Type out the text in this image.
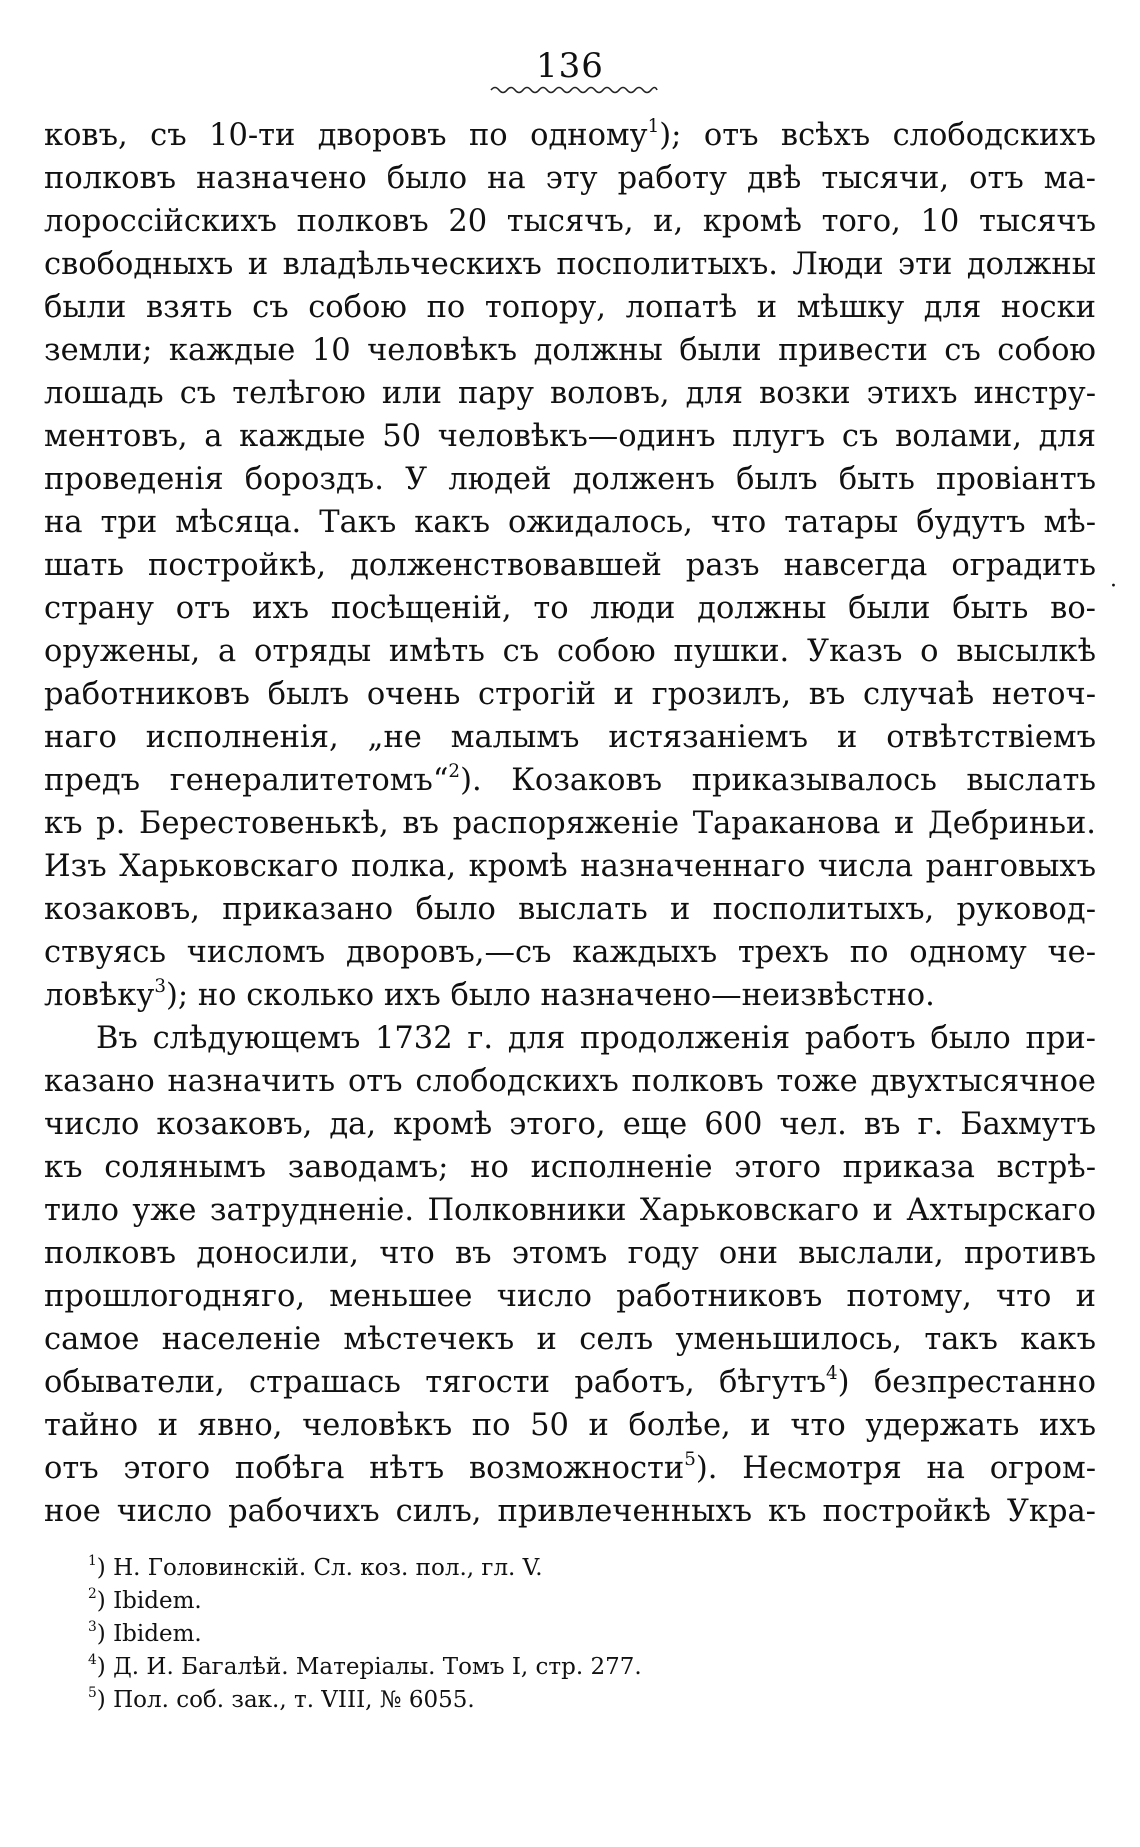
136
ковъ, съ 10-ти дворовъ по одному$^1$); отъ всѣхъ слободскихъ
полковъ назначено было на эту работу двѣ тысячи, отъ ма-
лороссійскихъ полковъ 20 тысячъ, и, кромѣ того, 10 тысячъ
свободныхъ и владѣльческихъ посполитыхъ. Люди эти должны
были взять съ собою по топору, лопатѣ и мѣшку для носки
земли; каждые 10 человѣкъ должны были привести съ собою
лошадь съ телѣгою или пару воловъ, для возки этихъ инстру-
ментовъ, а каждые 50 человѣкъ—одинъ плугъ съ волами, для
проведенія бороздъ. У людей долженъ былъ быть провіантъ
на три мѣсяца. Такъ какъ ожидалось, что татары будутъ мѣ-
шать постройкѣ, долженствовавшей разъ навсегда оградить
страну отъ ихъ посѣщеній, то люди должны были быть во-
оружены, а отряды имѣть съ собою пушки. Указъ о высылкѣ
работниковъ былъ очень строгій и грозилъ, въ случаѣ неточ-
наго исполненія, „не малымъ истязаніемъ и отвѣтствіемъ
предъ генералитетомъ“$^2$). Козаковъ приказывалось выслать
къ р. Берестовенькѣ, въ распоряженіе Тараканова и Дебриньи.
Изъ Харьковскаго полка, кромѣ назначеннаго числа ранговыхъ
козаковъ, приказано было выслать и посполитыхъ, руковод-
ствуясь числомъ дворовъ,—съ каждыхъ трехъ по одному че-
ловѣку$^3$); но сколько ихъ было назначено—неизвѣстно.
Въ слѣдующемъ 1732 г. для продолженія работъ было при-
казано назначить отъ слободскихъ полковъ тоже двухтысячное
число козаковъ, да, кромѣ этого, еще 600 чел. въ г. Бахмутъ
къ солянымъ заводамъ; но исполненіе этого приказа встрѣ-
тило уже затрудненіе. Полковники Харьковскаго и Ахтырскаго
полковъ доносили, что въ этомъ году они выслали, противъ
прошлогодняго, меньшее число работниковъ потому, что и
самое населеніе мѣстечекъ и селъ уменьшилось, такъ какъ
обыватели, страшась тягости работъ, бѣгутъ$^4$) безпрестанно
тайно и явно, человѣкъ по 50 и болѣе, и что удержать ихъ
отъ этого побѣга нѣтъ возможности$^5$). Несмотря на огром-
ное число рабочихъ силъ, привлеченныхъ къ постройкѣ Укра-
$^1$) Н. Головинскій. Сл. коз. пол., гл. V.
$^2$) Ibidem.
$^3$) Ibidem.
$^4$) Д. И. Багалѣй. Матеріалы. Томъ I, стр. 277.
$^5$) Пол. соб. зак., т. VIII, № 6055.
·
